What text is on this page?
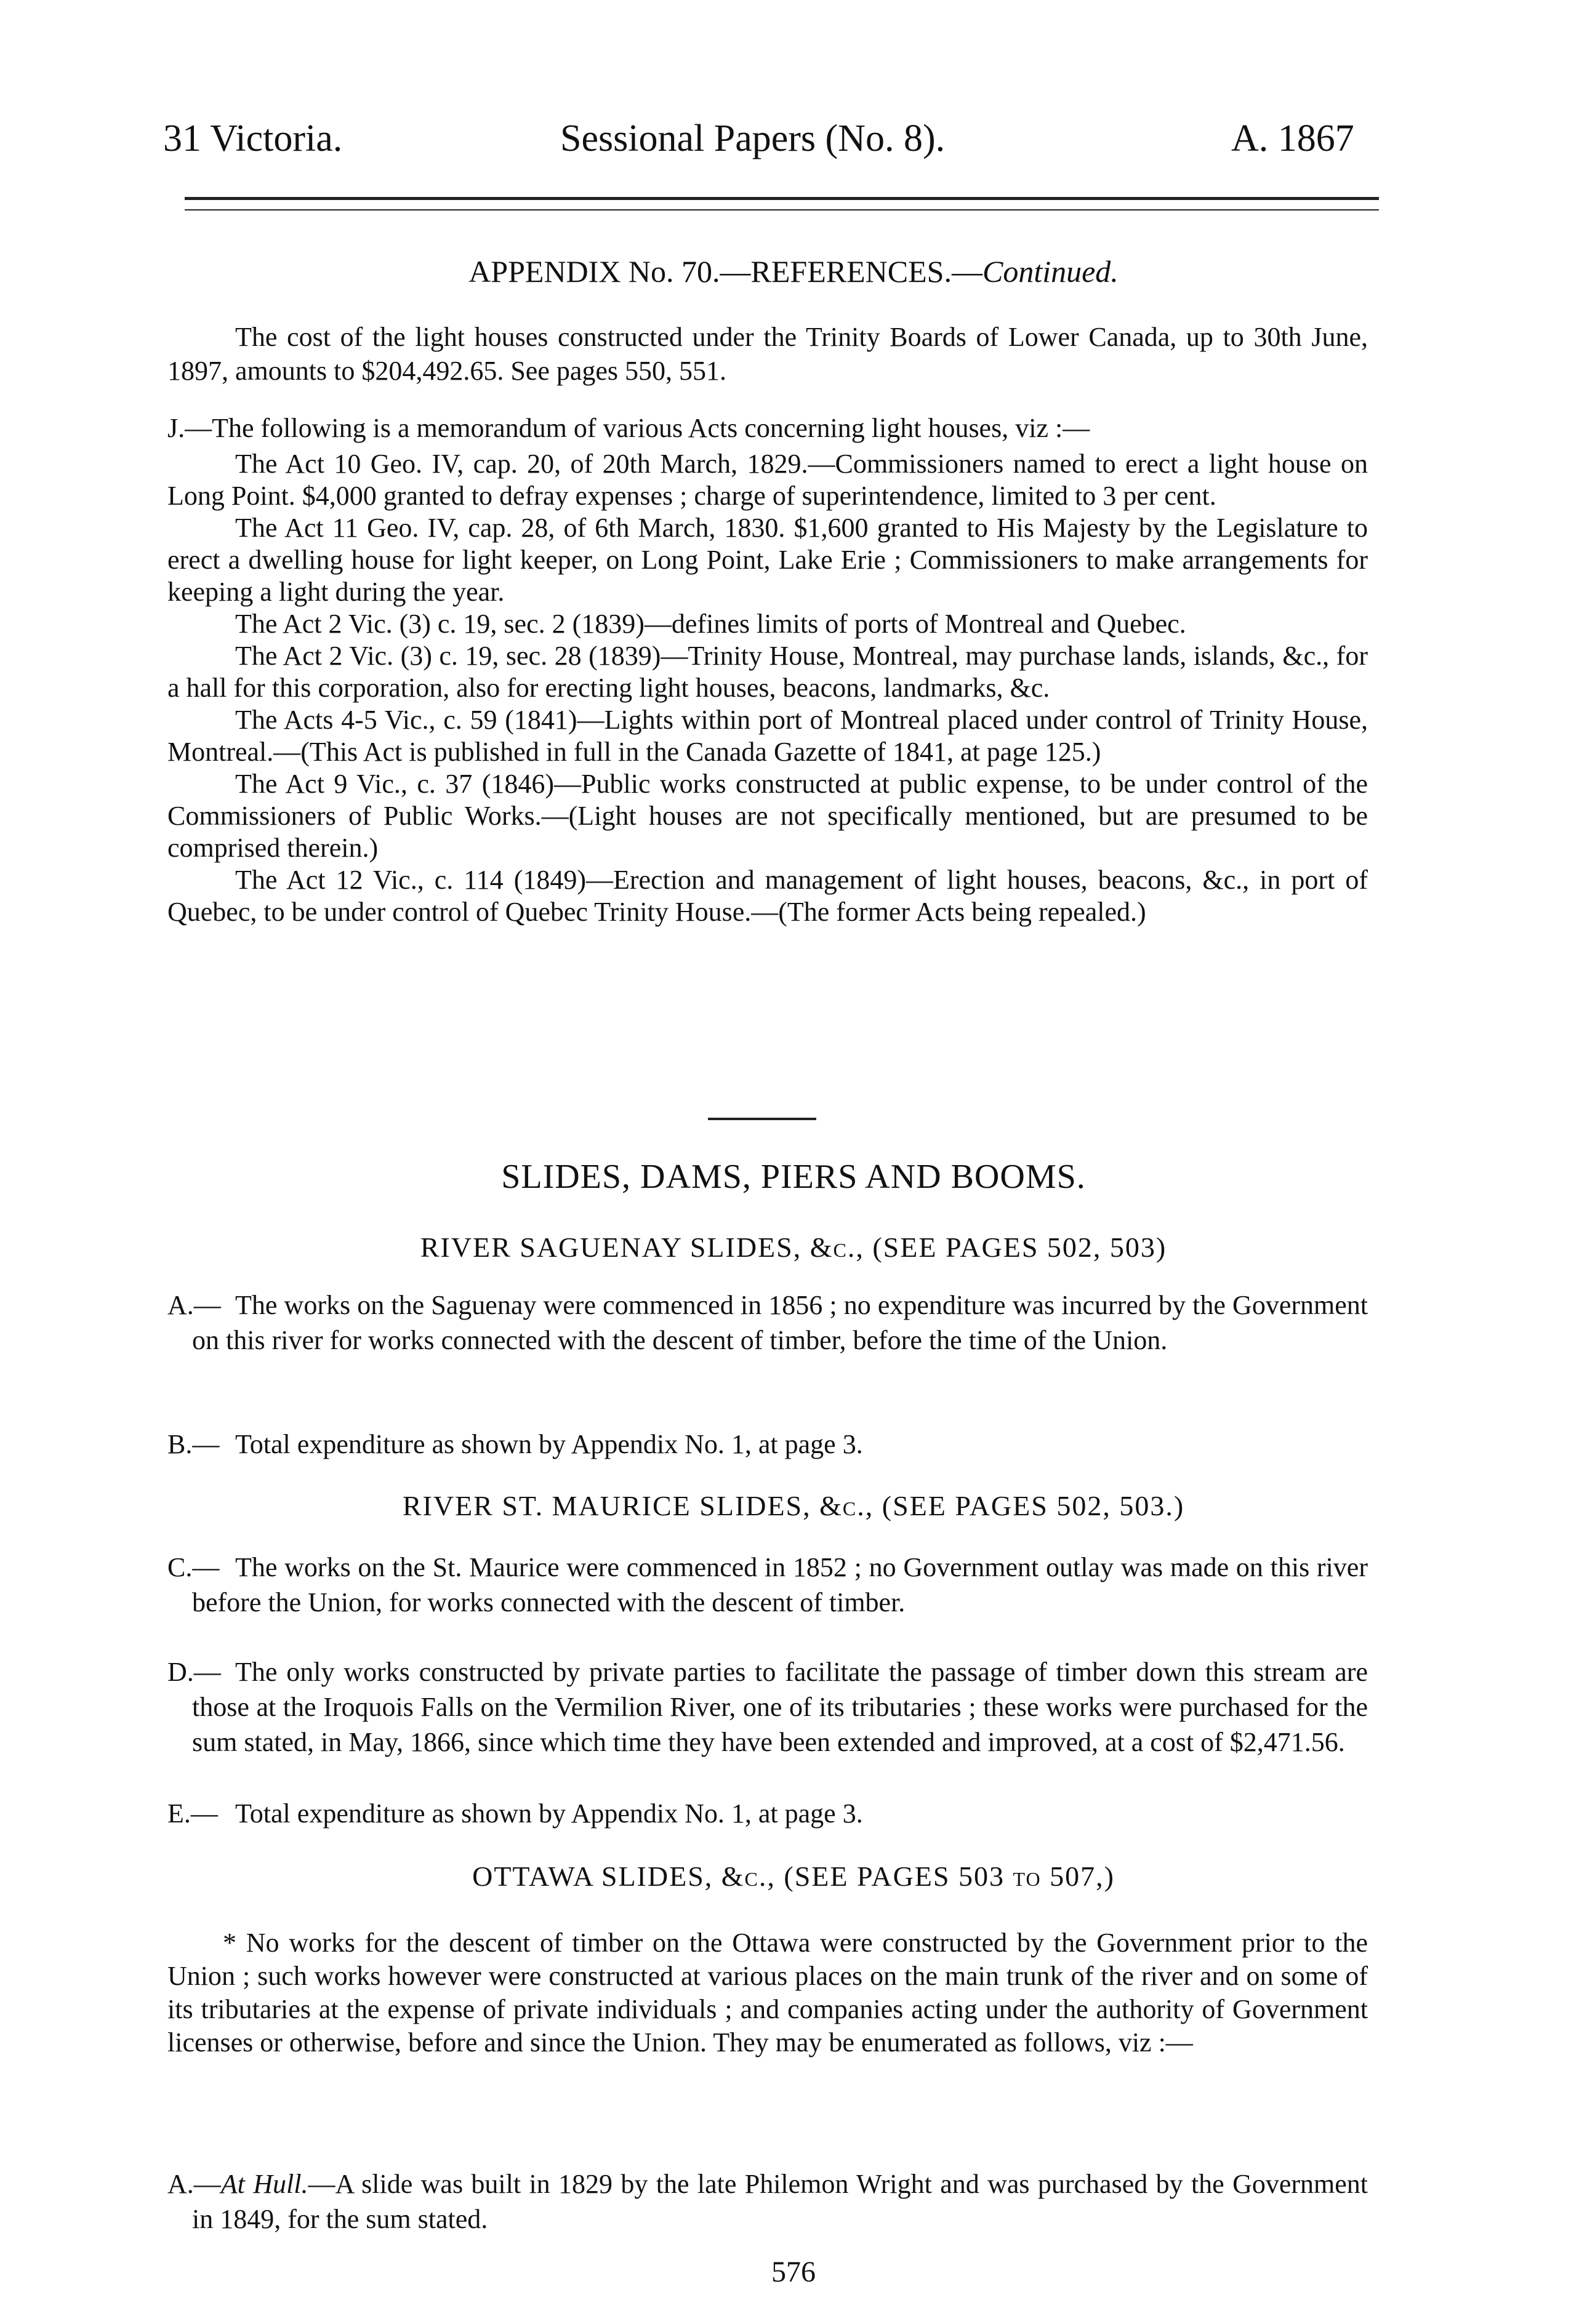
31 Victoria.	Sessional Papers (No. 8).	A. 1867
APPENDIX No. 70.—REFERENCES.—Continued.
The cost of the light houses constructed under the Trinity Boards of Lower Canada, up to 30th June, 1897, amounts to $204,492.65. See pages 550, 551.
J.—The following is a memorandum of various Acts concerning light houses, viz :—
The Act 10 Geo. IV, cap. 20, of 20th March, 1829.—Commissioners named to erect a light house on Long Point. $4,000 granted to defray expenses ; charge of superintendence, limited to 3 per cent.
The Act 11 Geo. IV, cap. 28, of 6th March, 1830. $1,600 granted to His Majesty by the Legislature to erect a dwelling house for light keeper, on Long Point, Lake Erie ; Commissioners to make arrangements for keeping a light during the year.
The Act 2 Vic. (3) c. 19, sec. 2 (1839)—defines limits of ports of Montreal and Quebec.
The Act 2 Vic. (3) c. 19, sec. 28 (1839)—Trinity House, Montreal, may purchase lands, islands, &c., for a hall for this corporation, also for erecting light houses, beacons, landmarks, &c.
The Acts 4-5 Vic., c. 59 (1841)—Lights within port of Montreal placed under control of Trinity House, Montreal.—(This Act is published in full in the Canada Gazette of 1841, at page 125.)
The Act 9 Vic., c. 37 (1846)—Public works constructed at public expense, to be under control of the Commissioners of Public Works.—(Light houses are not specifically mentioned, but are presumed to be comprised therein.)
The Act 12 Vic., c. 114 (1849)—Erection and management of light houses, beacons, &c., in port of Quebec, to be under control of Quebec Trinity House.—(The former Acts being repealed.)
SLIDES, DAMS, PIERS AND BOOMS.
RIVER SAGUENAY SLIDES, &c., (SEE PAGES 502, 503)
A.— The works on the Saguenay were commenced in 1856 ; no expenditure was incurred by the Government on this river for works connected with the descent of timber, before the time of the Union.
B.— Total expenditure as shown by Appendix No. 1, at page 3.
RIVER ST. MAURICE SLIDES, &c., (SEE PAGES 502, 503.)
C.— The works on the St. Maurice were commenced in 1852 ; no Government outlay was made on this river before the Union, for works connected with the descent of timber.
D.— The only works constructed by private parties to facilitate the passage of timber down this stream are those at the Iroquois Falls on the Vermilion River, one of its tributaries ; these works were purchased for the sum stated, in May, 1866, since which time they have been extended and improved, at a cost of $2,471.56.
E.— Total expenditure as shown by Appendix No. 1, at page 3.
OTTAWA SLIDES, &c., (SEE PAGES 503 to 507,)
* No works for the descent of timber on the Ottawa were constructed by the Government prior to the Union ; such works however were constructed at various places on the main trunk of the river and on some of its tributaries at the expense of private individuals ; and companies acting under the authority of Government licenses or otherwise, before and since the Union. They may be enumerated as follows, viz :—
A.—At Hull.—A slide was built in 1829 by the late Philemon Wright and was purchased by the Government in 1849, for the sum stated.
576
